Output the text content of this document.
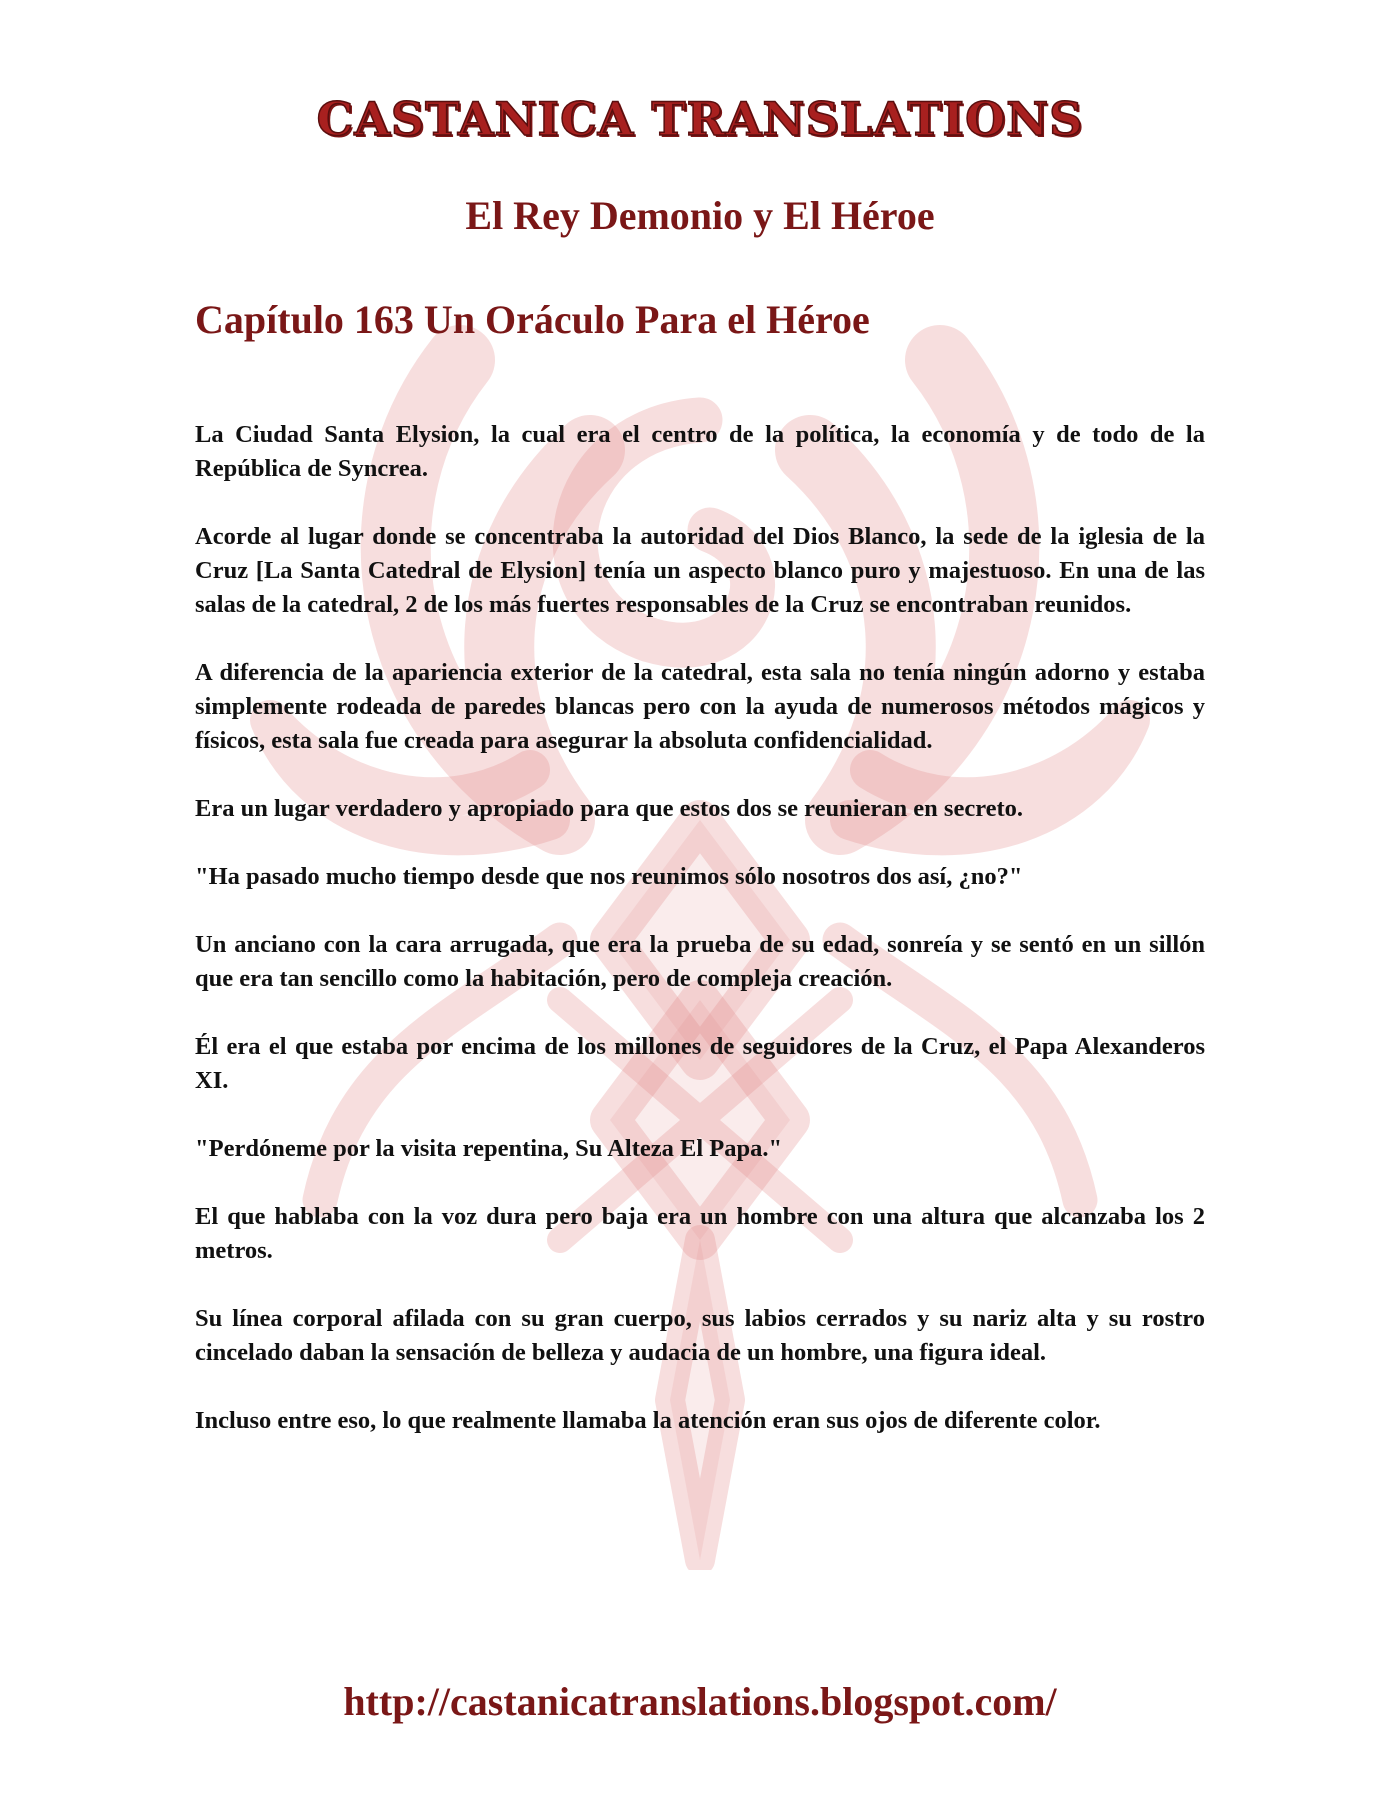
CASTANICA TRANSLATIONS
El Rey Demonio y El Héroe
Capítulo 163 Un Oráculo Para el Héroe

La Ciudad Santa Elysion, la cual era el centro de la política, la economía y de todo de la República de Syncrea.

Acorde al lugar donde se concentraba la autoridad del Dios Blanco, la sede de la iglesia de la Cruz [La Santa Catedral de Elysion] tenía un aspecto blanco puro y majestuoso. En una de las salas de la catedral, 2 de los más fuertes responsables de la Cruz se encontraban reunidos.

A diferencia de la apariencia exterior de la catedral, esta sala no tenía ningún adorno y estaba simplemente rodeada de paredes blancas pero con la ayuda de numerosos métodos mágicos y físicos, esta sala fue creada para asegurar la absoluta confidencialidad.

Era un lugar verdadero y apropiado para que estos dos se reunieran en secreto.

"Ha pasado mucho tiempo desde que nos reunimos sólo nosotros dos así, ¿no?"

Un anciano con la cara arrugada, que era la prueba de su edad, sonreía y se sentó en un sillón que era tan sencillo como la habitación, pero de compleja creación.

Él era el que estaba por encima de los millones de seguidores de la Cruz, el Papa Alexanderos XI.

"Perdóneme por la visita repentina, Su Alteza El Papa."

El que hablaba con la voz dura pero baja era un hombre con una altura que alcanzaba los 2 metros.

Su línea corporal afilada con su gran cuerpo, sus labios cerrados y su nariz alta y su rostro cincelado daban la sensación de belleza y audacia de un hombre, una figura ideal.

Incluso entre eso, lo que realmente llamaba la atención eran sus ojos de diferente color.

http://castanicatranslations.blogspot.com/
